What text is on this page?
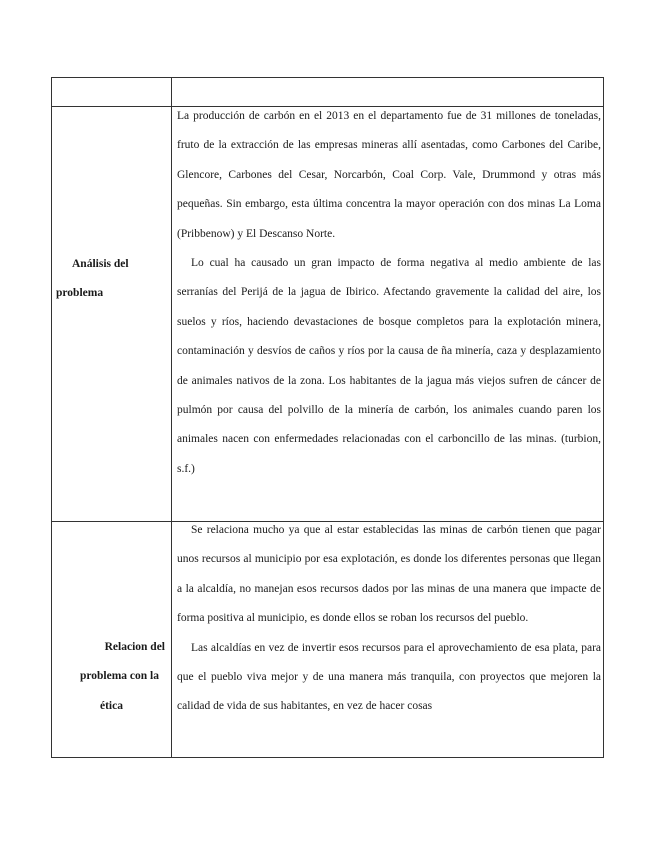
Análisis del
problema

La producción de carbón en el 2013 en el departamento fue de 31 millones de toneladas, fruto de la extracción de las empresas mineras allí asentadas, como Carbones del Caribe, Glencore, Carbones del Cesar, Norcarbón, Coal Corp. Vale, Drummond y otras más pequeñas. Sin embargo, esta última concentra la mayor operación con dos minas La Loma (Pribbenow) y El Descanso Norte.

Lo cual ha causado un gran impacto de forma negativa al medio ambiente de las serranías del Perijá de la jagua de Ibirico. Afectando gravemente la calidad del aire, los suelos y ríos, haciendo devastaciones de bosque completos para la explotación minera, contaminación y desvíos de caños y ríos por la causa de ña minería, caza y desplazamiento de animales nativos de la zona. Los habitantes de la jagua más viejos sufren de cáncer de pulmón por causa del polvillo de la minería de carbón, los animales cuando paren los animales nacen con enfermedades relacionadas con el carboncillo de las minas. (turbion, s.f.)

Relacion del
problema con la
ética

Se relaciona mucho ya que al estar establecidas las minas de carbón tienen que pagar unos recursos al municipio por esa explotación, es donde los diferentes personas que llegan a la alcaldía, no manejan esos recursos dados por las minas de una manera que impacte de forma positiva al municipio, es donde ellos se roban los recursos del pueblo.

Las alcaldías en vez de invertir esos recursos para el aprovechamiento de esa plata, para que el pueblo viva mejor y de una manera más tranquila, con proyectos que mejoren la calidad de vida de sus habitantes, en vez de hacer cosas
